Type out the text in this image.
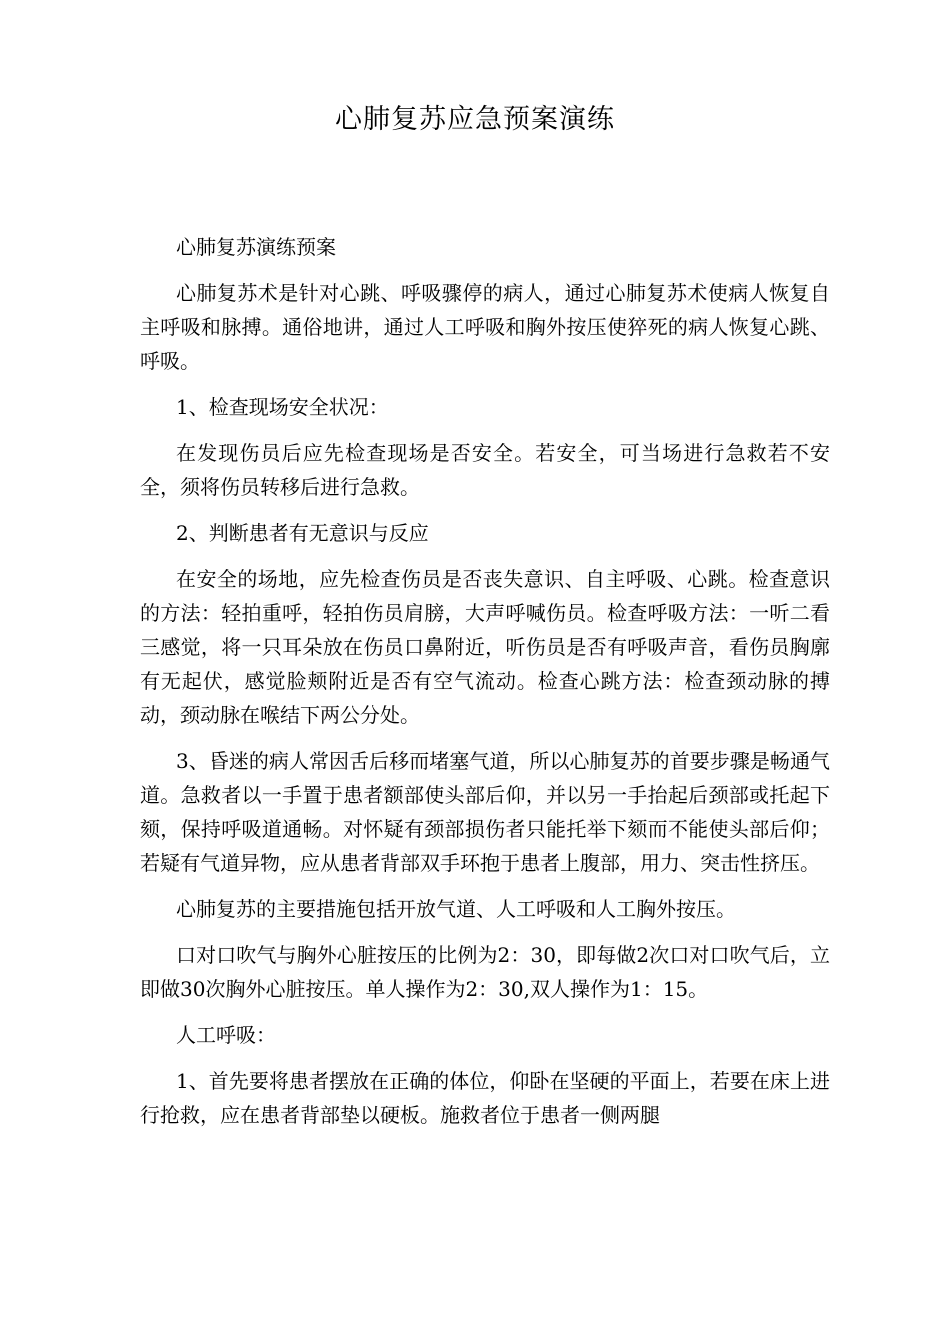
心肺复苏应急预案演练

心肺复苏演练预案

心肺复苏术是针对心跳、呼吸骤停的病人，通过心肺复苏术使病人恢复自主呼吸和脉搏。通俗地讲，通过人工呼吸和胸外按压使猝死的病人恢复心跳、呼吸。

1、检查现场安全状况：

在发现伤员后应先检查现场是否安全。若安全，可当场进行急救若不安全，须将伤员转移后进行急救。

2、判断患者有无意识与反应

在安全的场地，应先检查伤员是否丧失意识、自主呼吸、心跳。检查意识的方法：轻拍重呼，轻拍伤员肩膀，大声呼喊伤员。检查呼吸方法：一听二看三感觉，将一只耳朵放在伤员口鼻附近，听伤员是否有呼吸声音，看伤员胸廓有无起伏，感觉脸颊附近是否有空气流动。检查心跳方法：检查颈动脉的搏动，颈动脉在喉结下两公分处。

3、昏迷的病人常因舌后移而堵塞气道，所以心肺复苏的首要步骤是畅通气道。急救者以一手置于患者额部使头部后仰，并以另一手抬起后颈部或托起下颏，保持呼吸道通畅。对怀疑有颈部损伤者只能托举下颏而不能使头部后仰；若疑有气道异物，应从患者背部双手环抱于患者上腹部，用力、突击性挤压。

心肺复苏的主要措施包括开放气道、人工呼吸和人工胸外按压。

口对口吹气与胸外心脏按压的比例为2：30，即每做2次口对口吹气后，立即做30次胸外心脏按压。单人操作为2：30,双人操作为1：15。

人工呼吸：

1、首先要将患者摆放在正确的体位，仰卧在坚硬的平面上，若要在床上进行抢救，应在患者背部垫以硬板。施救者位于患者一侧两腿
